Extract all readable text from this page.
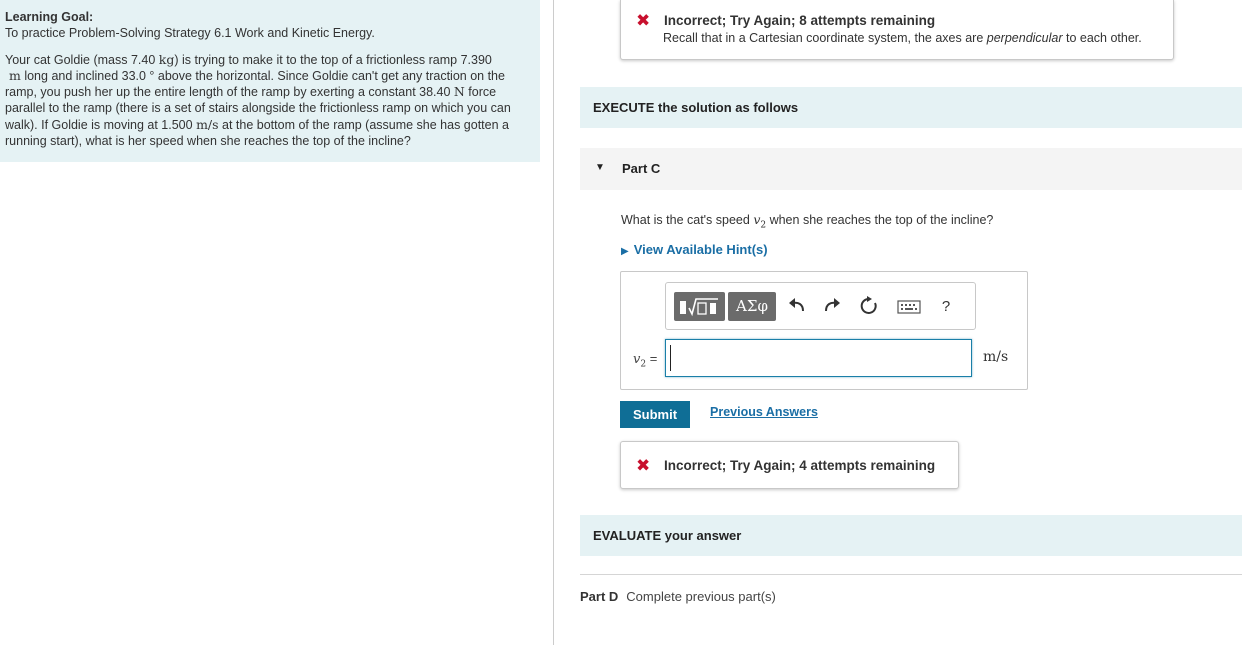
Learning Goal:

To practice Problem-Solving Strategy 6.1 Work and Kinetic Energy.

Your cat Goldie (mass 7.40 kg) is trying to make it to the top of a frictionless ramp 7.390
m long and inclined 33.0 ° above the horizontal. Since Goldie can't get any traction on the ramp, you push her up the entire length of the ramp by exerting a constant 38.40 N force parallel to the ramp (there is a set of stairs alongside the frictionless ramp on which you can walk). If Goldie is moving at 1.500 m/s at the bottom of the ramp (assume she has gotten a running start), what is her speed when she reaches the top of the incline?

✖ Incorrect; Try Again; 8 attempts remaining
Recall that in a Cartesian coordinate system, the axes are perpendicular to each other.
EXECUTE the solution as follows
▼ Part C
What is the cat's speed $v_2$ when she reaches the top of the incline?
▶ View Available Hint(s)
ΑΣφ	?
$v_2$ =	m/s
Submit	Previous Answers
✖ Incorrect; Try Again; 4 attempts remaining
EVALUATE your answer
Part D Complete previous part(s)
